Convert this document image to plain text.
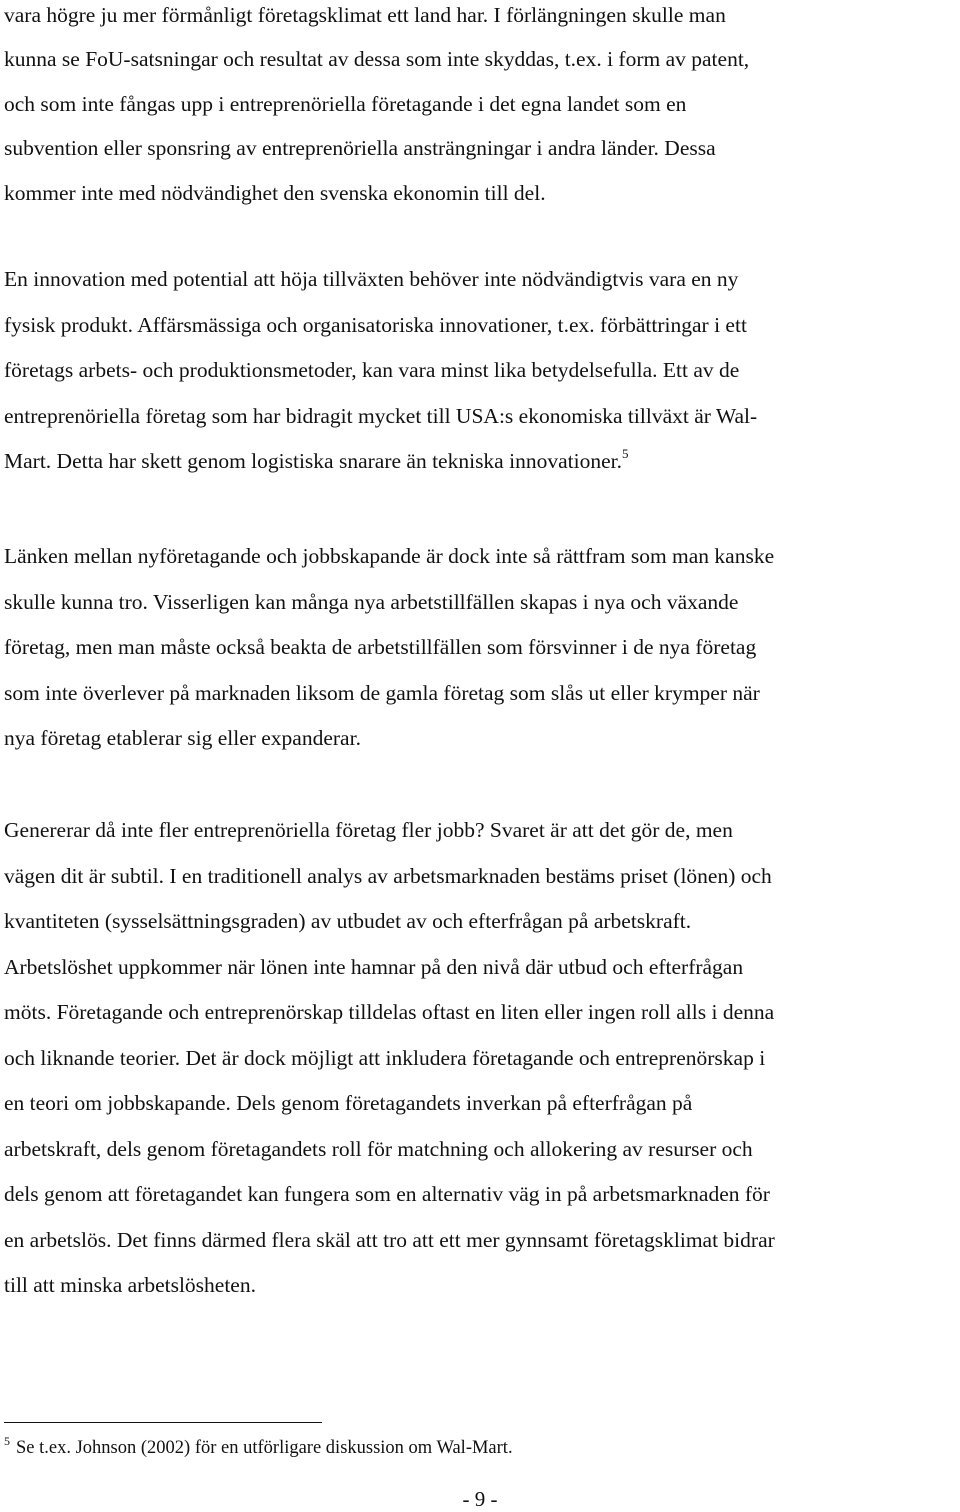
vara högre ju mer förmånligt företagsklimat ett land har. I förlängningen skulle man
kunna se FoU-satsningar och resultat av dessa som inte skyddas, t.ex. i form av patent,
och som inte fångas upp i entreprenöriella företagande i det egna landet som en
subvention eller sponsring av entreprenöriella ansträngningar i andra länder. Dessa
kommer inte med nödvändighet den svenska ekonomin till del.
En innovation med potential att höja tillväxten behöver inte nödvändigtvis vara en ny
fysisk produkt. Affärsmässiga och organisatoriska innovationer, t.ex. förbättringar i ett
företags arbets- och produktionsmetoder, kan vara minst lika betydelsefulla. Ett av de
entreprenöriella företag som har bidragit mycket till USA:s ekonomiska tillväxt är Wal-
Mart. Detta har skett genom logistiska snarare än tekniska innovationer.$^5$
Länken mellan nyföretagande och jobbskapande är dock inte så rättfram som man kanske
skulle kunna tro. Visserligen kan många nya arbetstillfällen skapas i nya och växande
företag, men man måste också beakta de arbetstillfällen som försvinner i de nya företag
som inte överlever på marknaden liksom de gamla företag som slås ut eller krymper när
nya företag etablerar sig eller expanderar.
Genererar då inte fler entreprenöriella företag fler jobb? Svaret är att det gör de, men
vägen dit är subtil. I en traditionell analys av arbetsmarknaden bestäms priset (lönen) och
kvantiteten (sysselsättningsgraden) av utbudet av och efterfrågan på arbetskraft.
Arbetslöshet uppkommer när lönen inte hamnar på den nivå där utbud och efterfrågan
möts. Företagande och entreprenörskap tilldelas oftast en liten eller ingen roll alls i denna
och liknande teorier. Det är dock möjligt att inkludera företagande och entreprenörskap i
en teori om jobbskapande. Dels genom företagandets inverkan på efterfrågan på
arbetskraft, dels genom företagandets roll för matchning och allokering av resurser och
dels genom att företagandet kan fungera som en alternativ väg in på arbetsmarknaden för
en arbetslös. Det finns därmed flera skäl att tro att ett mer gynnsamt företagsklimat bidrar
till att minska arbetslösheten.
$^5$ Se t.ex. Johnson (2002) för en utförligare diskussion om Wal-Mart.
- 9 -
